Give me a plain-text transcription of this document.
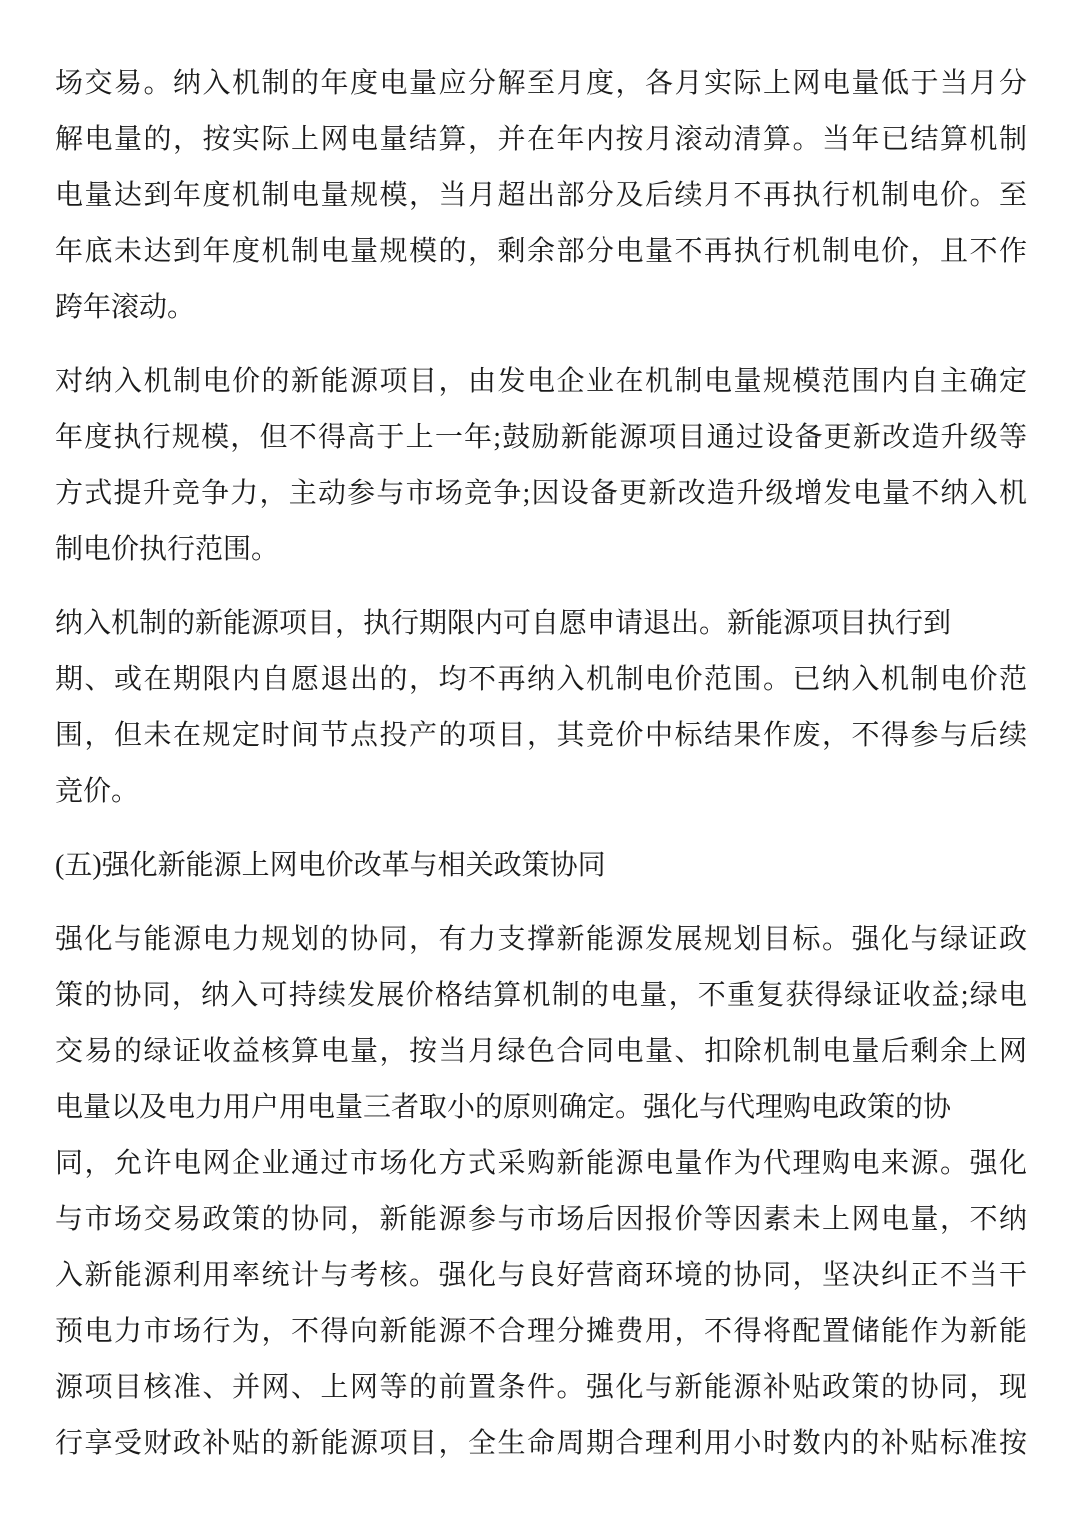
场交易。纳入机制的年度电量应分解至月度，各月实际上网电量低于当月分
解电量的，按实际上网电量结算，并在年内按月滚动清算。当年已结算机制
电量达到年度机制电量规模，当月超出部分及后续月不再执行机制电价。至
年底未达到年度机制电量规模的，剩余部分电量不再执行机制电价，且不作
跨年滚动。

对纳入机制电价的新能源项目，由发电企业在机制电量规模范围内自主确定
年度执行规模，但不得高于上一年;鼓励新能源项目通过设备更新改造升级等
方式提升竞争力，主动参与市场竞争;因设备更新改造升级增发电量不纳入机
制电价执行范围。

纳入机制的新能源项目，执行期限内可自愿申请退出。新能源项目执行到
期、或在期限内自愿退出的，均不再纳入机制电价范围。已纳入机制电价范
围，但未在规定时间节点投产的项目，其竞价中标结果作废，不得参与后续
竞价。

(五)强化新能源上网电价改革与相关政策协同

强化与能源电力规划的协同，有力支撑新能源发展规划目标。强化与绿证政
策的协同，纳入可持续发展价格结算机制的电量，不重复获得绿证收益;绿电
交易的绿证收益核算电量，按当月绿色合同电量、扣除机制电量后剩余上网
电量以及电力用户用电量三者取小的原则确定。强化与代理购电政策的协
同，允许电网企业通过市场化方式采购新能源电量作为代理购电来源。强化
与市场交易政策的协同，新能源参与市场后因报价等因素未上网电量，不纳
入新能源利用率统计与考核。强化与良好营商环境的协同，坚决纠正不当干
预电力市场行为，不得向新能源不合理分摊费用，不得将配置储能作为新能
源项目核准、并网、上网等的前置条件。强化与新能源补贴政策的协同，现
行享受财政补贴的新能源项目，全生命周期合理利用小时数内的补贴标准按
